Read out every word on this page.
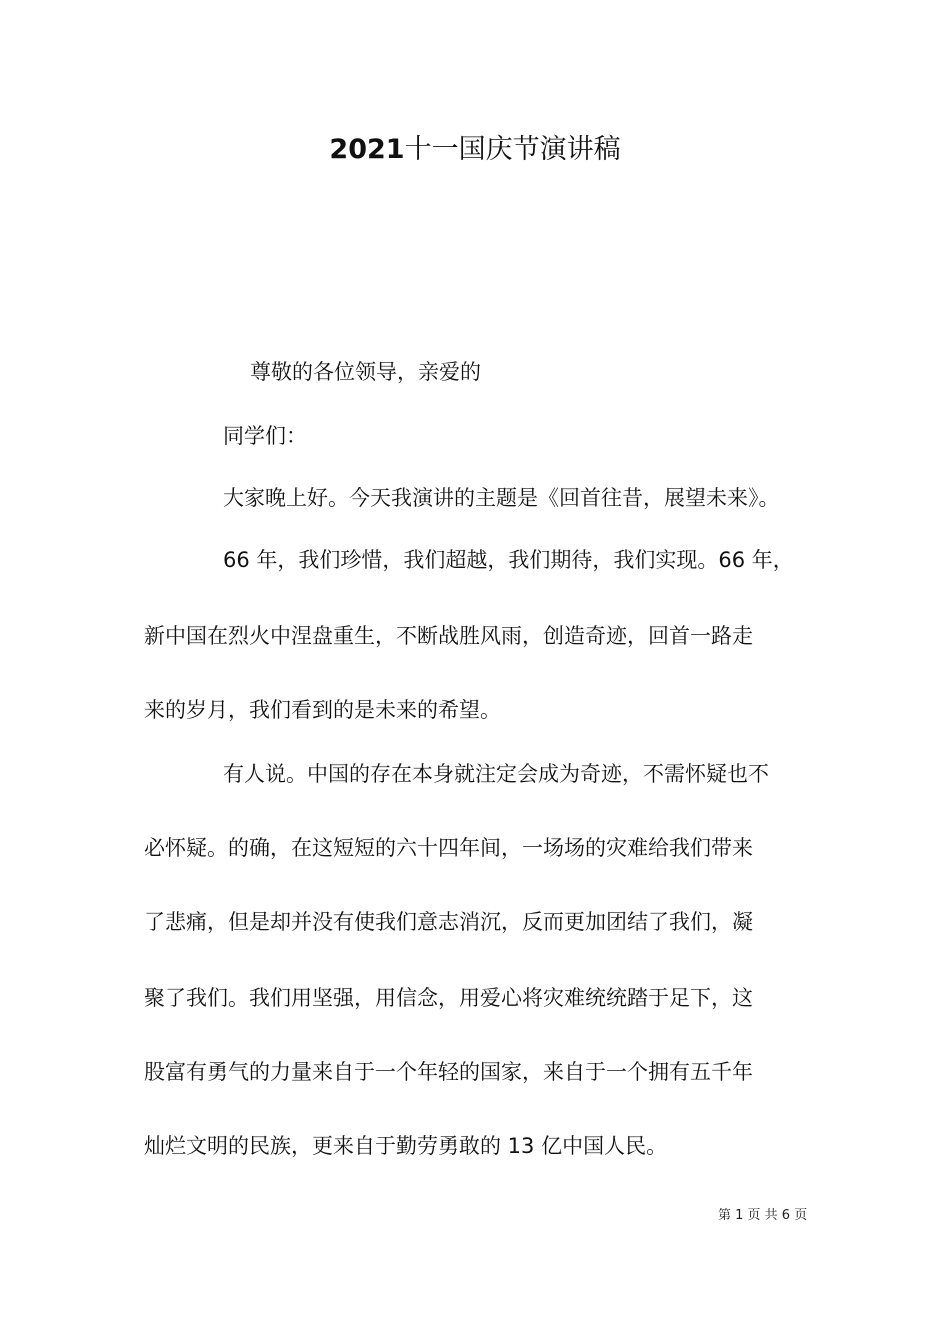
2021十一国庆节演讲稿
尊敬的各位领导，亲爱的
同学们：
大家晚上好。今天我演讲的主题是《回首往昔，展望未来》。
66 年，我们珍惜，我们超越，我们期待，我们实现。66 年，
新中国在烈火中涅盘重生，不断战胜风雨，创造奇迹，回首一路走
来的岁月，我们看到的是未来的希望。
有人说。中国的存在本身就注定会成为奇迹，不需怀疑也不
必怀疑。的确，在这短短的六十四年间，一场场的灾难给我们带来
了悲痛，但是却并没有使我们意志消沉，反而更加团结了我们，凝
聚了我们。我们用坚强，用信念，用爱心将灾难统统踏于足下，这
股富有勇气的力量来自于一个年轻的国家，来自于一个拥有五千年
灿烂文明的民族，更来自于勤劳勇敢的 13 亿中国人民。
第 1 页 共 6 页
